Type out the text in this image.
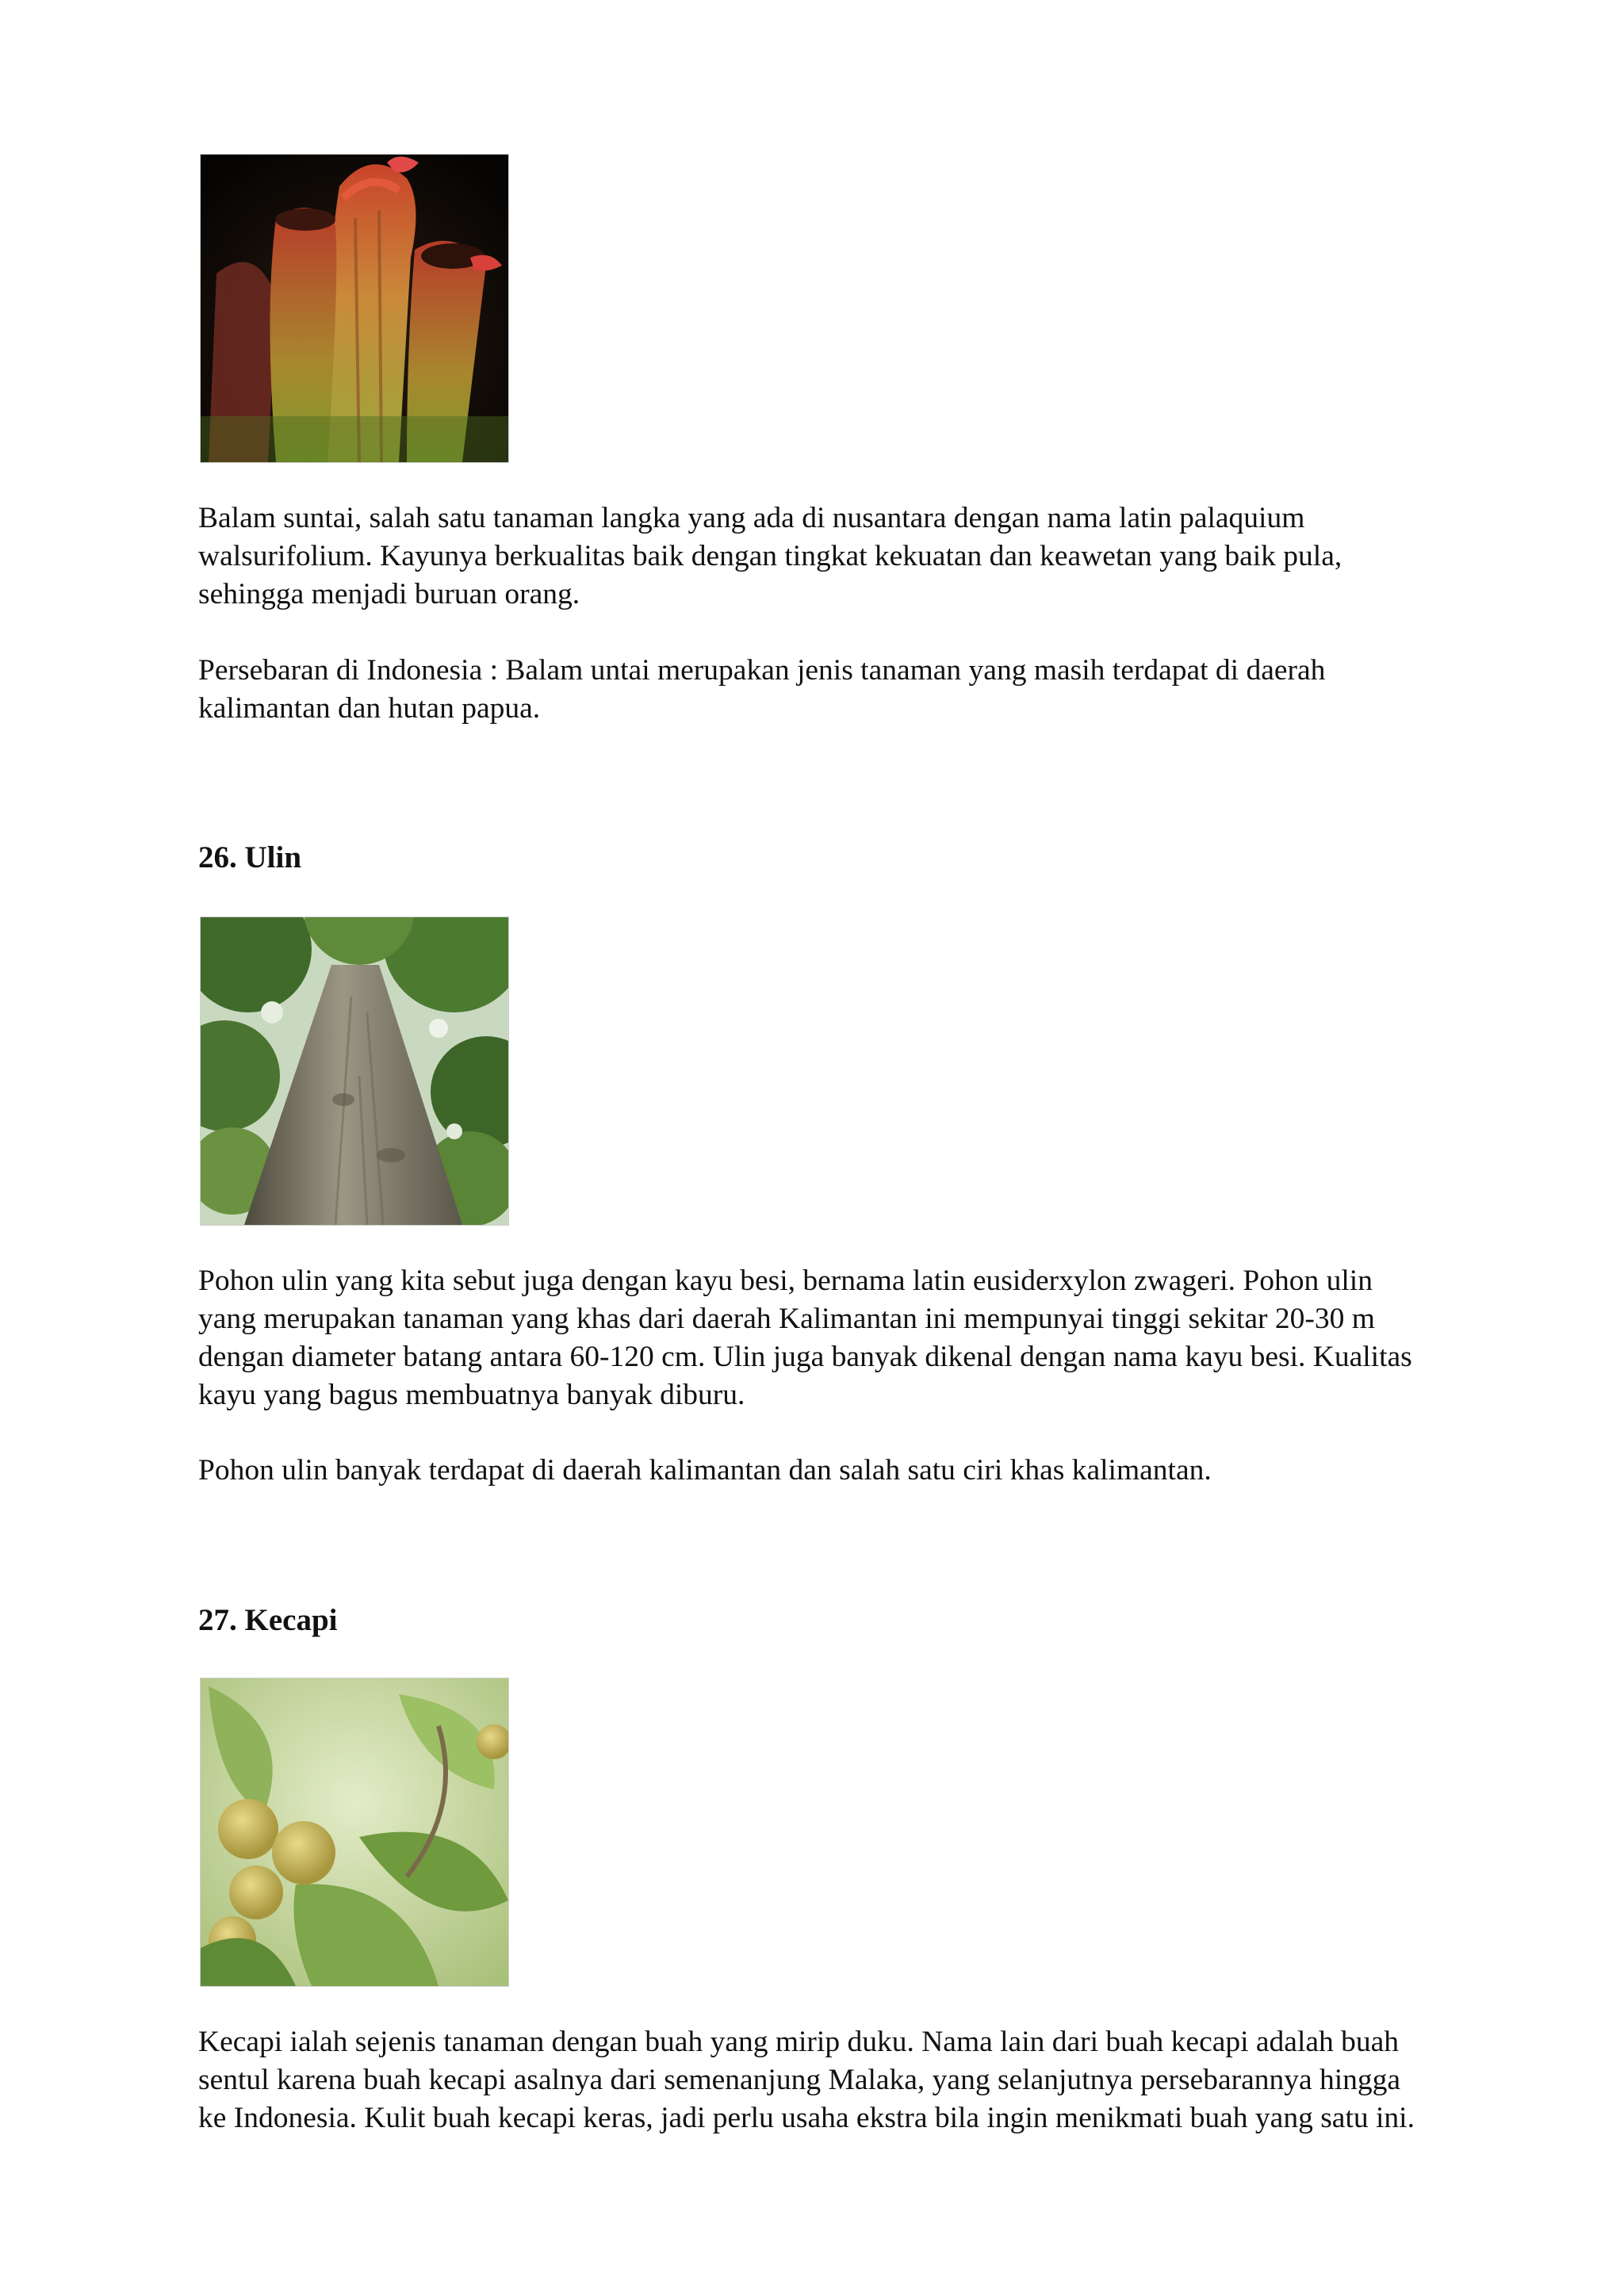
Balam suntai, salah satu tanaman langka yang ada di nusantara dengan nama latin palaquium
walsurifolium. Kayunya berkualitas baik dengan tingkat kekuatan dan keawetan yang baik pula,
sehingga menjadi buruan orang.
Persebaran di Indonesia : Balam untai merupakan jenis tanaman yang masih terdapat di daerah
kalimantan dan hutan papua.
26. Ulin
Pohon ulin yang kita sebut juga dengan kayu besi, bernama latin eusiderxylon zwageri. Pohon ulin
yang merupakan tanaman yang khas dari daerah Kalimantan ini mempunyai tinggi sekitar 20-30 m
dengan diameter batang antara 60-120 cm. Ulin juga banyak dikenal dengan nama kayu besi. Kualitas
kayu yang bagus membuatnya banyak diburu.
Pohon ulin banyak terdapat di daerah kalimantan dan salah satu ciri khas kalimantan.
27. Kecapi
Kecapi ialah sejenis tanaman dengan buah yang mirip duku. Nama lain dari buah kecapi adalah buah
sentul karena buah kecapi asalnya dari semenanjung Malaka, yang selanjutnya persebarannya hingga
ke Indonesia. Kulit buah kecapi keras, jadi perlu usaha ekstra bila ingin menikmati buah yang satu ini.
